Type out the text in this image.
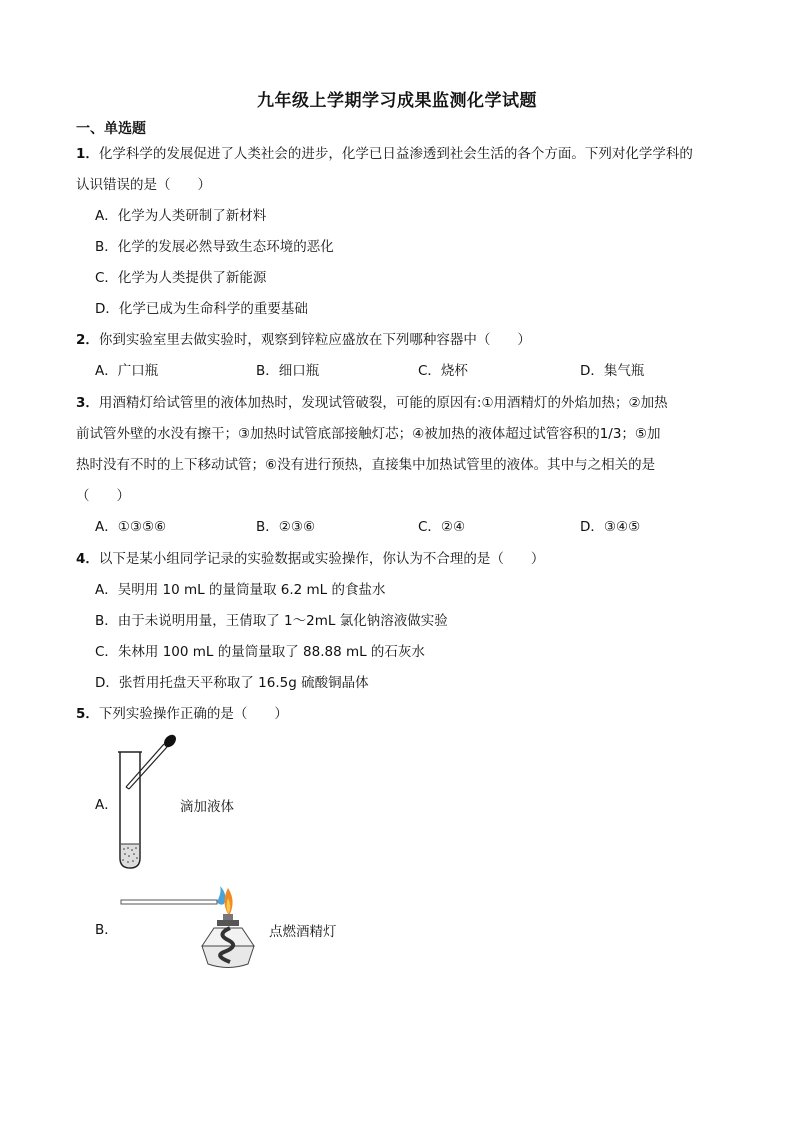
九年级上学期学习成果监测化学试题
一、单选题
1．化学科学的发展促进了人类社会的进步，化学已日益渗透到社会生活的各个方面。下列对化学学科的
认识错误的是（　　）
A．化学为人类研制了新材料
B．化学的发展必然导致生态环境的恶化
C．化学为人类提供了新能源
D．化学已成为生命科学的重要基础
2．你到实验室里去做实验时，观察到锌粒应盛放在下列哪种容器中（　　）
A．广口瓶	B．细口瓶	C．烧杯	D．集气瓶
3．用酒精灯给试管里的液体加热时，发现试管破裂，可能的原因有:①用酒精灯的外焰加热；②加热
前试管外壁的水没有擦干；③加热时试管底部接触灯芯；④被加热的液体超过试管容积的1/3；⑤加
热时没有不时的上下移动试管；⑥没有进行预热，直接集中加热试管里的液体。其中与之相关的是
（　　）
A．①③⑤⑥	B．②③⑥	C．②④	D．③④⑤
4．以下是某小组同学记录的实验数据或实验操作，你认为不合理的是（　　）
A．吴明用 10 mL 的量筒量取 6.2 mL 的食盐水
B．由于未说明用量，王倩取了 1～2mL 氯化钠溶液做实验
C．朱林用 100 mL 的量筒量取了 88.88 mL 的石灰水
D．张哲用托盘天平称取了 16.5g 硫酸铜晶体
5．下列实验操作正确的是（　　）
A．	滴加液体
B．	点燃酒精灯
